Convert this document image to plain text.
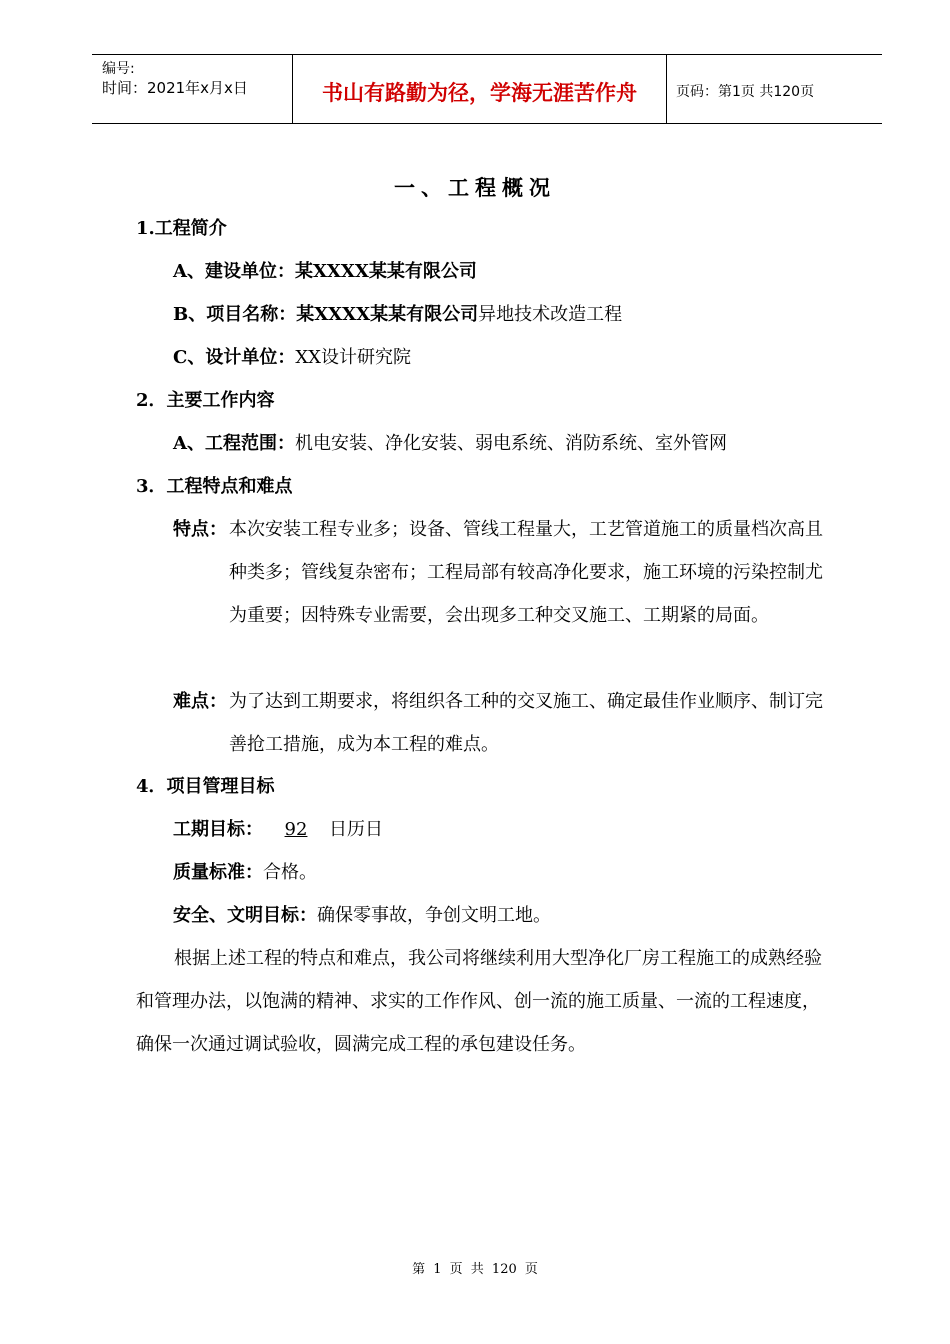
编号:
时间：2021年x月x日	书山有路勤为径，学海无涯苦作舟	页码：第1页 共120页
一、工程概况
1.工程简介
A、建设单位：某XXXX某某有限公司
B、项目名称：某XXXX某某有限公司异地技术改造工程
C、设计单位：XX设计研究院
2．主要工作内容
A、工程范围：机电安装、净化安装、弱电系统、消防系统、室外管网
3．工程特点和难点
特点： 本次安装工程专业多；设备、管线工程量大，工艺管道施工的质量档次高且种类多；管线复杂密布；工程局部有较高净化要求，施工环境的污染控制尤为重要；因特殊专业需要，会出现多工种交叉施工、工期紧的局面。
难点： 为了达到工期要求，将组织各工种的交叉施工、确定最佳作业顺序、制订完善抢工措施，成为本工程的难点。
4．项目管理目标
工期目标： 92 日历日
质量标准：合格。
安全、文明目标：确保零事故，争创文明工地。
根据上述工程的特点和难点，我公司将继续利用大型净化厂房工程施工的成熟经验和管理办法，以饱满的精神、求实的工作作风、创一流的施工质量、一流的工程速度，确保一次通过调试验收，圆满完成工程的承包建设任务。
第 1 页 共 120 页
